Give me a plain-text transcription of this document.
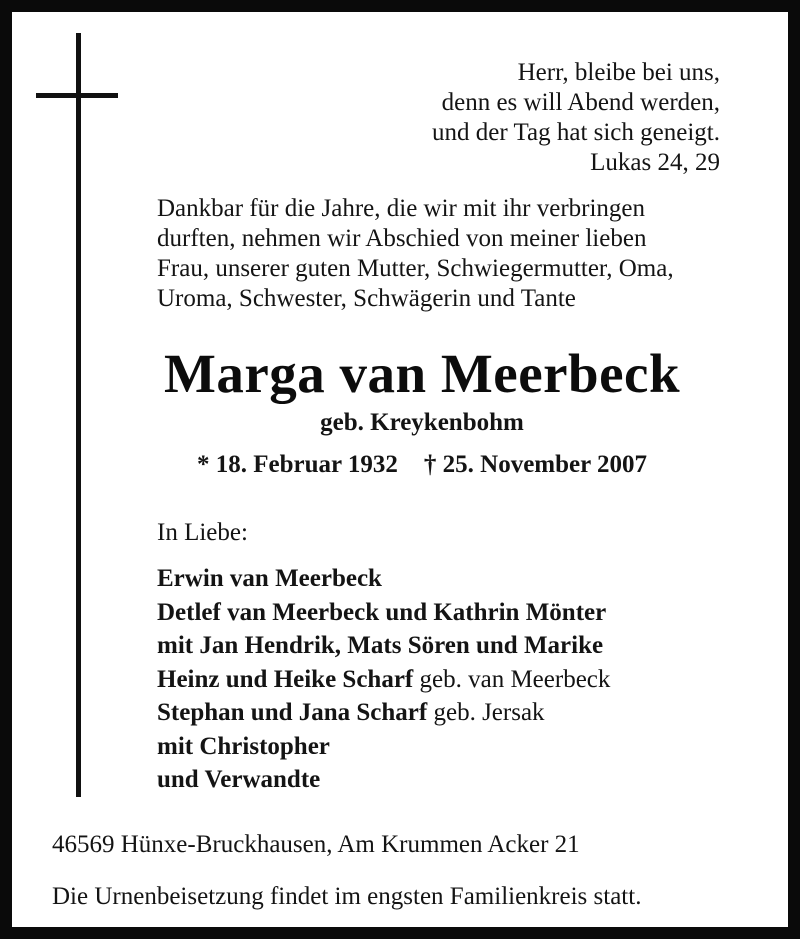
Herr, bleibe bei uns,
denn es will Abend werden,
und der Tag hat sich geneigt.
Lukas 24, 29
Dankbar für die Jahre, die wir mit ihr verbringen
durften, nehmen wir Abschied von meiner lieben
Frau, unserer guten Mutter, Schwiegermutter, Oma,
Uroma, Schwester, Schwägerin und Tante
Marga van Meerbeck
geb. Kreykenbohm
* 18. Februar 1932 † 25. November 2007
In Liebe:
Erwin van Meerbeck
Detlef van Meerbeck und Kathrin Mönter
mit Jan Hendrik, Mats Sören und Marike
Heinz und Heike Scharf geb. van Meerbeck
Stephan und Jana Scharf geb. Jersak
mit Christopher
und Verwandte
46569 Hünxe-Bruckhausen, Am Krummen Acker 21
Die Urnenbeisetzung findet im engsten Familienkreis statt.
